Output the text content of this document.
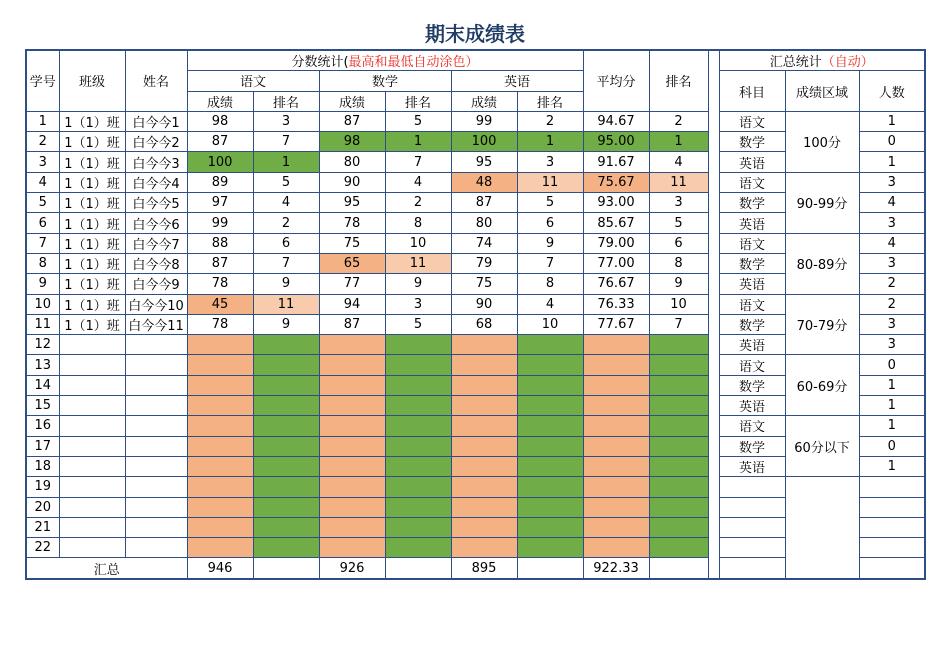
期末成绩表
学号	班级	姓名	分数统计(最高和最低自动涂色）						平均分	排名		汇总统计（自动）		
			语文		数学		英语					科目	成绩区域	人数
			成绩	排名	成绩	排名	成绩	排名						
1	1（1）班	白今今1	98	3	87	5	99	2	94.67	2		语文	100分	1
2	1（1）班	白今今2	87	7	98	1	100	1	95.00	1		数学		0
3	1（1）班	白今今3	100	1	80	7	95	3	91.67	4		英语		1
4	1（1）班	白今今4	89	5	90	4	48	11	75.67	11		语文	90-99分	3
5	1（1）班	白今今5	97	4	95	2	87	5	93.00	3		数学		4
6	1（1）班	白今今6	99	2	78	8	80	6	85.67	5		英语		3
7	1（1）班	白今今7	88	6	75	10	74	9	79.00	6		语文	80-89分	4
8	1（1）班	白今今8	87	7	65	11	79	7	77.00	8		数学		3
9	1（1）班	白今今9	78	9	77	9	75	8	76.67	9		英语		2
10	1（1）班	白今今10	45	11	94	3	90	4	76.33	10		语文	70-79分	2
11	1（1）班	白今今11	78	9	87	5	68	10	77.67	7		数学		3
12												英语		3
13												语文	60-69分	0
14												数学		1
15												英语		1
16												语文	60分以下	1
17												数学		0
18												英语		1
19														
20														
21														
22														
汇总			946		926		895		922.33					
